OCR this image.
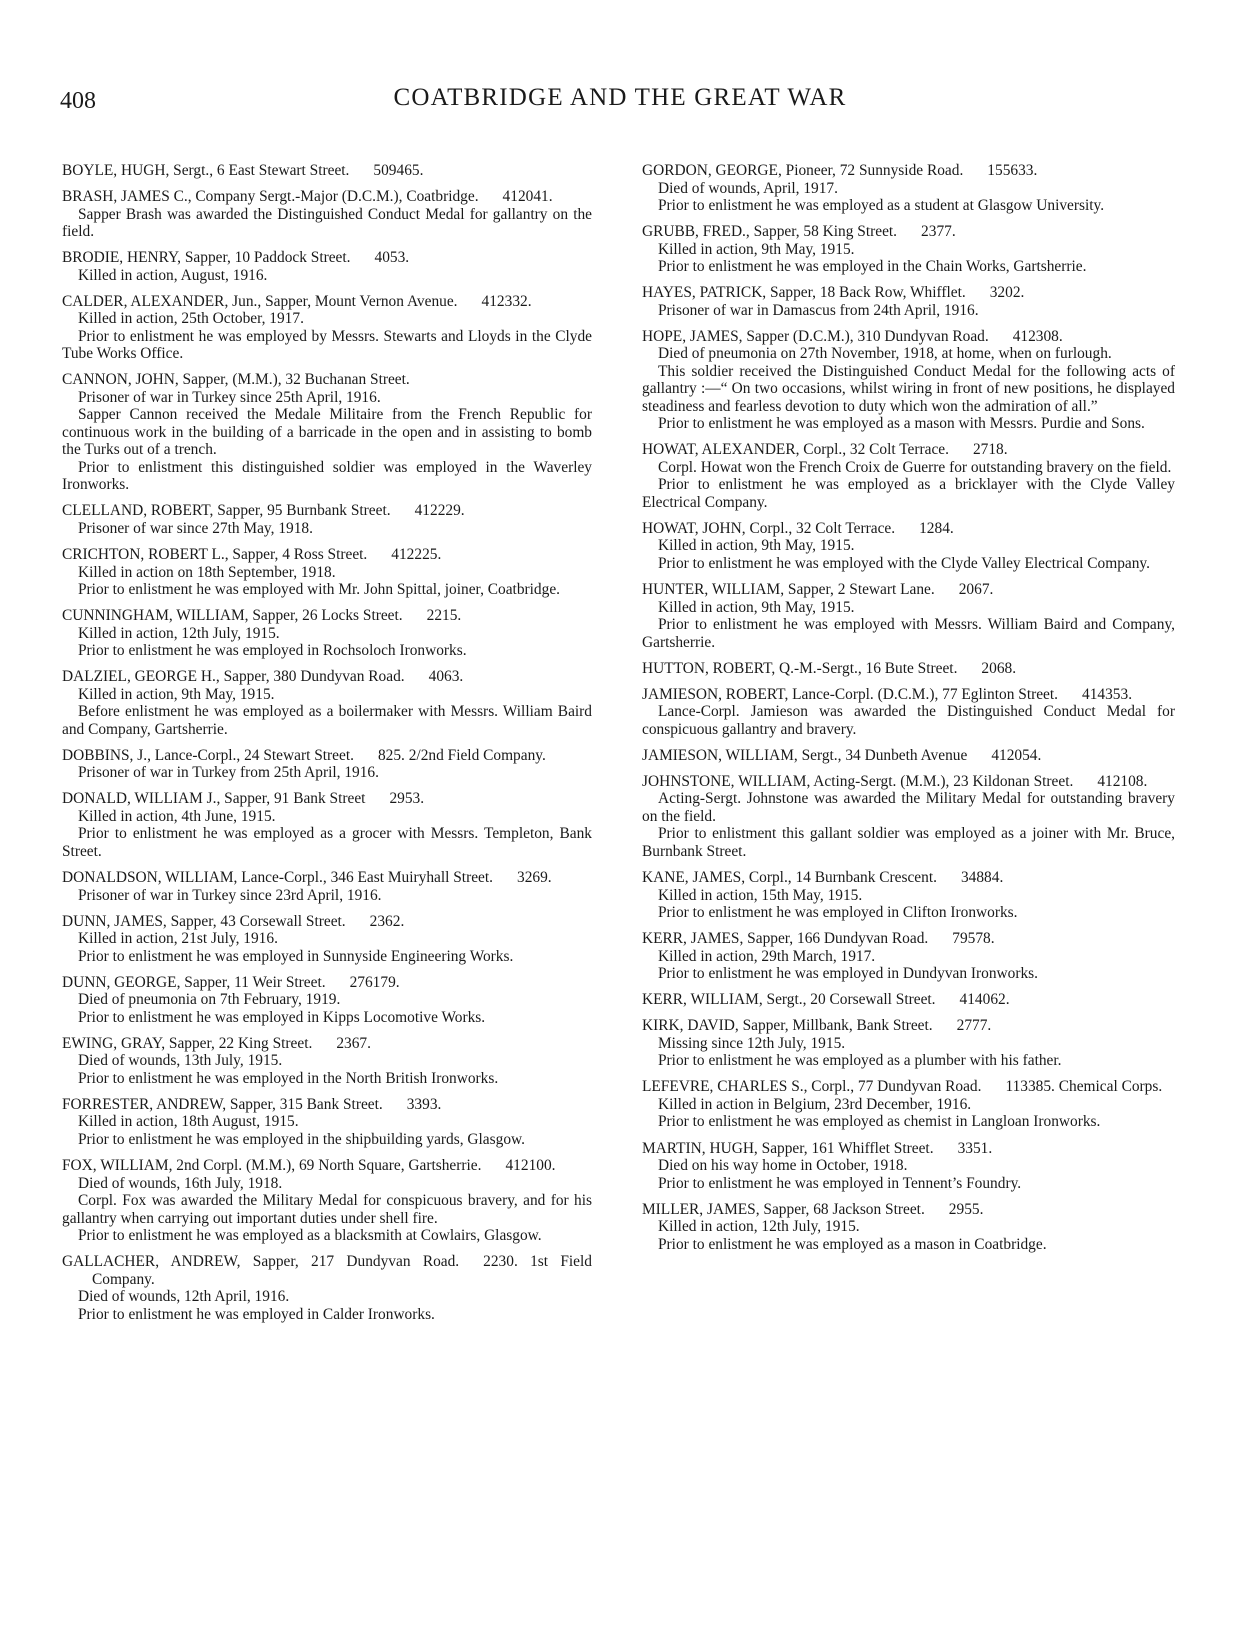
408	COATBRIDGE AND THE GREAT WAR
BOYLE, HUGH, Sergt., 6 East Stewart Street. 509465.
BRASH, JAMES C., Company Sergt.-Major (D.C.M.), Coatbridge. 412041.
Sapper Brash was awarded the Distinguished Conduct Medal for gallantry on the field.
BRODIE, HENRY, Sapper, 10 Paddock Street. 4053.
Killed in action, August, 1916.
CALDER, ALEXANDER, Jun., Sapper, Mount Vernon Avenue. 412332.
Killed in action, 25th October, 1917.
Prior to enlistment he was employed by Messrs. Stewarts and Lloyds in the Clyde Tube Works Office.
CANNON, JOHN, Sapper, (M.M.), 32 Buchanan Street.
Prisoner of war in Turkey since 25th April, 1916.
Sapper Cannon received the Medale Militaire from the French Republic for continuous work in the building of a barricade in the open and in assisting to bomb the Turks out of a trench.
Prior to enlistment this distinguished soldier was employed in the Waverley Ironworks.
CLELLAND, ROBERT, Sapper, 95 Burnbank Street. 412229.
Prisoner of war since 27th May, 1918.
CRICHTON, ROBERT L., Sapper, 4 Ross Street. 412225.
Killed in action on 18th September, 1918.
Prior to enlistment he was employed with Mr. John Spittal, joiner, Coatbridge.
CUNNINGHAM, WILLIAM, Sapper, 26 Locks Street. 2215.
Killed in action, 12th July, 1915.
Prior to enlistment he was employed in Rochsoloch Ironworks.
DALZIEL, GEORGE H., Sapper, 380 Dundyvan Road. 4063.
Killed in action, 9th May, 1915.
Before enlistment he was employed as a boilermaker with Messrs. William Baird and Company, Gartsherrie.
DOBBINS, J., Lance-Corpl., 24 Stewart Street. 825. 2/2nd Field Company.
Prisoner of war in Turkey from 25th April, 1916.
DONALD, WILLIAM J., Sapper, 91 Bank Street 2953.
Killed in action, 4th June, 1915.
Prior to enlistment he was employed as a grocer with Messrs. Templeton, Bank Street.
DONALDSON, WILLIAM, Lance-Corpl., 346 East Muiryhall Street. 3269.
Prisoner of war in Turkey since 23rd April, 1916.
DUNN, JAMES, Sapper, 43 Corsewall Street. 2362.
Killed in action, 21st July, 1916.
Prior to enlistment he was employed in Sunnyside Engineering Works.
DUNN, GEORGE, Sapper, 11 Weir Street. 276179.
Died of pneumonia on 7th February, 1919.
Prior to enlistment he was employed in Kipps Locomotive Works.
EWING, GRAY, Sapper, 22 King Street. 2367.
Died of wounds, 13th July, 1915.
Prior to enlistment he was employed in the North British Ironworks.
FORRESTER, ANDREW, Sapper, 315 Bank Street. 3393.
Killed in action, 18th August, 1915.
Prior to enlistment he was employed in the shipbuilding yards, Glasgow.
FOX, WILLIAM, 2nd Corpl. (M.M.), 69 North Square, Gartsherrie. 412100.
Died of wounds, 16th July, 1918.
Corpl. Fox was awarded the Military Medal for conspicuous bravery, and for his gallantry when carrying out important duties under shell fire.
Prior to enlistment he was employed as a blacksmith at Cowlairs, Glasgow.
GALLACHER, ANDREW, Sapper, 217 Dundyvan Road. 2230. 1st Field Company.
Died of wounds, 12th April, 1916.
Prior to enlistment he was employed in Calder Ironworks.
GORDON, GEORGE, Pioneer, 72 Sunnyside Road. 155633.
Died of wounds, April, 1917.
Prior to enlistment he was employed as a student at Glasgow University.
GRUBB, FRED., Sapper, 58 King Street. 2377.
Killed in action, 9th May, 1915.
Prior to enlistment he was employed in the Chain Works, Gartsherrie.
HAYES, PATRICK, Sapper, 18 Back Row, Whifflet. 3202.
Prisoner of war in Damascus from 24th April, 1916.
HOPE, JAMES, Sapper (D.C.M.), 310 Dundyvan Road. 412308.
Died of pneumonia on 27th November, 1918, at home, when on furlough.
This soldier received the Distinguished Conduct Medal for the following acts of gallantry :—“ On two occasions, whilst wiring in front of new positions, he displayed steadiness and fearless devotion to duty which won the admiration of all.”
Prior to enlistment he was employed as a mason with Messrs. Purdie and Sons.
HOWAT, ALEXANDER, Corpl., 32 Colt Terrace. 2718.
Corpl. Howat won the French Croix de Guerre for outstanding bravery on the field.
Prior to enlistment he was employed as a bricklayer with the Clyde Valley Electrical Company.
HOWAT, JOHN, Corpl., 32 Colt Terrace. 1284.
Killed in action, 9th May, 1915.
Prior to enlistment he was employed with the Clyde Valley Electrical Company.
HUNTER, WILLIAM, Sapper, 2 Stewart Lane. 2067.
Killed in action, 9th May, 1915.
Prior to enlistment he was employed with Messrs. William Baird and Company, Gartsherrie.
HUTTON, ROBERT, Q.-M.-Sergt., 16 Bute Street. 2068.
JAMIESON, ROBERT, Lance-Corpl. (D.C.M.), 77 Eglinton Street. 414353.
Lance-Corpl. Jamieson was awarded the Distinguished Conduct Medal for conspicuous gallantry and bravery.
JAMIESON, WILLIAM, Sergt., 34 Dunbeth Avenue 412054.
JOHNSTONE, WILLIAM, Acting-Sergt. (M.M.), 23 Kildonan Street. 412108.
Acting-Sergt. Johnstone was awarded the Military Medal for outstanding bravery on the field.
Prior to enlistment this gallant soldier was employed as a joiner with Mr. Bruce, Burnbank Street.
KANE, JAMES, Corpl., 14 Burnbank Crescent. 34884.
Killed in action, 15th May, 1915.
Prior to enlistment he was employed in Clifton Ironworks.
KERR, JAMES, Sapper, 166 Dundyvan Road. 79578.
Killed in action, 29th March, 1917.
Prior to enlistment he was employed in Dundyvan Ironworks.
KERR, WILLIAM, Sergt., 20 Corsewall Street. 414062.
KIRK, DAVID, Sapper, Millbank, Bank Street. 2777.
Missing since 12th July, 1915.
Prior to enlistment he was employed as a plumber with his father.
LEFEVRE, CHARLES S., Corpl., 77 Dundyvan Road. 113385. Chemical Corps.
Killed in action in Belgium, 23rd December, 1916.
Prior to enlistment he was employed as chemist in Langloan Ironworks.
MARTIN, HUGH, Sapper, 161 Whifflet Street. 3351.
Died on his way home in October, 1918.
Prior to enlistment he was employed in Tennent’s Foundry.
MILLER, JAMES, Sapper, 68 Jackson Street. 2955.
Killed in action, 12th July, 1915.
Prior to enlistment he was employed as a mason in Coatbridge.
